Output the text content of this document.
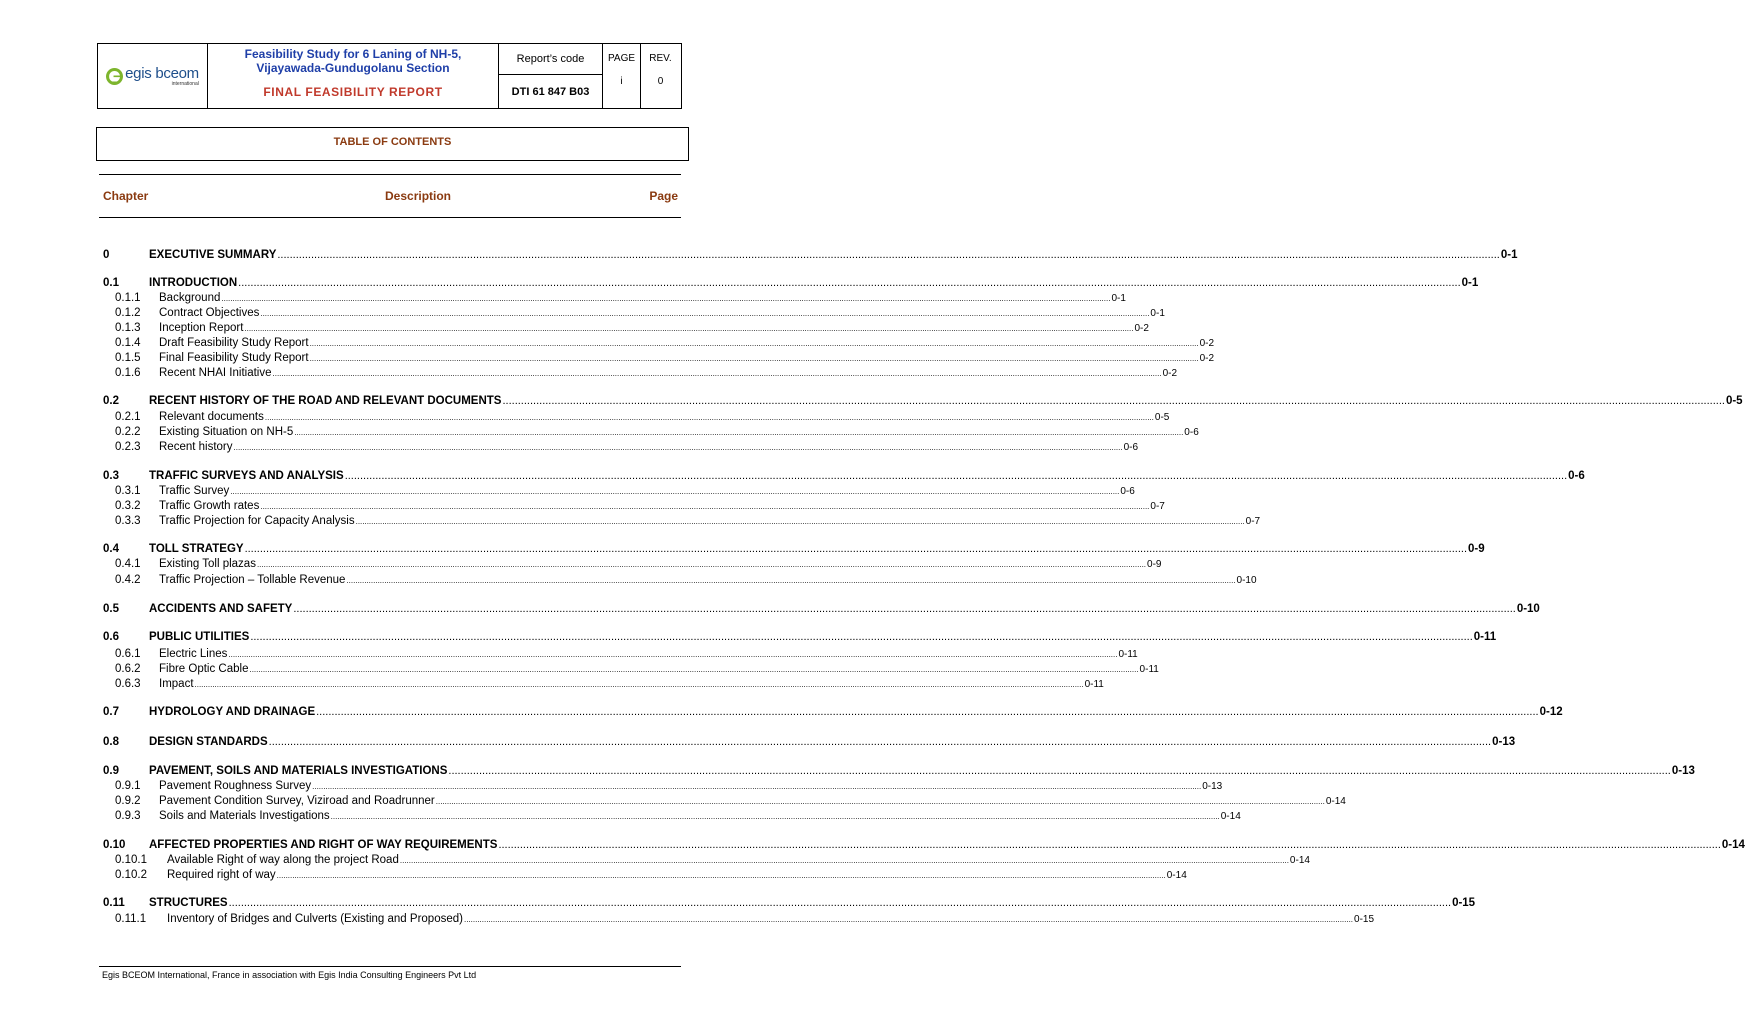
egis bceom
international
Feasibility Study for 6 Laning of NH-5,
Vijayawada-Gundugolanu Section
FINAL FEASIBILITY REPORT
Report’s code
DTI 61 847 B03
PAGE
i
REV.
0
TABLE OF CONTENTS
Chapter	Description	Page
0	EXECUTIVE SUMMARY ................................................................................................................................................................................................................................................................................................................................................................................................................ 0-1
0.1	INTRODUCTION ................................................................................................................................................................................................................................................................................................................................................................................................................ 0-1
0.1.1 Background ................................................................................................................................................................................................................................................................................................................................................................................................................ 0-1
0.1.2 Contract Objectives ................................................................................................................................................................................................................................................................................................................................................................................................................ 0-1
0.1.3 Inception Report ................................................................................................................................................................................................................................................................................................................................................................................................................ 0-2
0.1.4 Draft Feasibility Study Report ................................................................................................................................................................................................................................................................................................................................................................................................................ 0-2
0.1.5 Final Feasibility Study Report ................................................................................................................................................................................................................................................................................................................................................................................................................ 0-2
0.1.6 Recent NHAI Initiative ................................................................................................................................................................................................................................................................................................................................................................................................................ 0-2
0.2	RECENT HISTORY OF THE ROAD AND RELEVANT DOCUMENTS ................................................................................................................................................................................................................................................................................................................................................................................................................ 0-5
0.2.1 Relevant documents ................................................................................................................................................................................................................................................................................................................................................................................................................ 0-5
0.2.2 Existing Situation on NH-5 ................................................................................................................................................................................................................................................................................................................................................................................................................ 0-6
0.2.3 Recent history ................................................................................................................................................................................................................................................................................................................................................................................................................ 0-6
0.3	TRAFFIC SURVEYS AND ANALYSIS ................................................................................................................................................................................................................................................................................................................................................................................................................ 0-6
0.3.1 Traffic Survey ................................................................................................................................................................................................................................................................................................................................................................................................................ 0-6
0.3.2 Traffic Growth rates ................................................................................................................................................................................................................................................................................................................................................................................................................ 0-7
0.3.3 Traffic Projection for Capacity Analysis ................................................................................................................................................................................................................................................................................................................................................................................................................ 0-7
0.4	TOLL STRATEGY ................................................................................................................................................................................................................................................................................................................................................................................................................ 0-9
0.4.1 Existing Toll plazas ................................................................................................................................................................................................................................................................................................................................................................................................................ 0-9
0.4.2 Traffic Projection – Tollable Revenue ................................................................................................................................................................................................................................................................................................................................................................................................................ 0-10
0.5	ACCIDENTS AND SAFETY ................................................................................................................................................................................................................................................................................................................................................................................................................ 0-10
0.6	PUBLIC UTILITIES ................................................................................................................................................................................................................................................................................................................................................................................................................ 0-11
0.6.1 Electric Lines ................................................................................................................................................................................................................................................................................................................................................................................................................ 0-11
0.6.2 Fibre Optic Cable ................................................................................................................................................................................................................................................................................................................................................................................................................ 0-11
0.6.3 Impact ................................................................................................................................................................................................................................................................................................................................................................................................................ 0-11
0.7	HYDROLOGY AND DRAINAGE ................................................................................................................................................................................................................................................................................................................................................................................................................ 0-12
0.8	DESIGN STANDARDS ................................................................................................................................................................................................................................................................................................................................................................................................................ 0-13
0.9	PAVEMENT, SOILS AND MATERIALS INVESTIGATIONS ................................................................................................................................................................................................................................................................................................................................................................................................................ 0-13
0.9.1 Pavement Roughness Survey ................................................................................................................................................................................................................................................................................................................................................................................................................ 0-13
0.9.2 Pavement Condition Survey, Viziroad and Roadrunner ................................................................................................................................................................................................................................................................................................................................................................................................................ 0-14
0.9.3 Soils and Materials Investigations ................................................................................................................................................................................................................................................................................................................................................................................................................ 0-14
0.10 AFFECTED PROPERTIES AND RIGHT OF WAY REQUIREMENTS ................................................................................................................................................................................................................................................................................................................................................................................................................ 0-14
0.10.1 Available Right of way along the project Road ................................................................................................................................................................................................................................................................................................................................................................................................................ 0-14
0.10.2 Required right of way ................................................................................................................................................................................................................................................................................................................................................................................................................ 0-14
0.11 STRUCTURES ................................................................................................................................................................................................................................................................................................................................................................................................................ 0-15
0.11.1 Inventory of Bridges and Culverts (Existing and Proposed) ................................................................................................................................................................................................................................................................................................................................................................................................................ 0-15
Egis BCEOM International, France in association with Egis India Consulting Engineers Pvt Ltd
